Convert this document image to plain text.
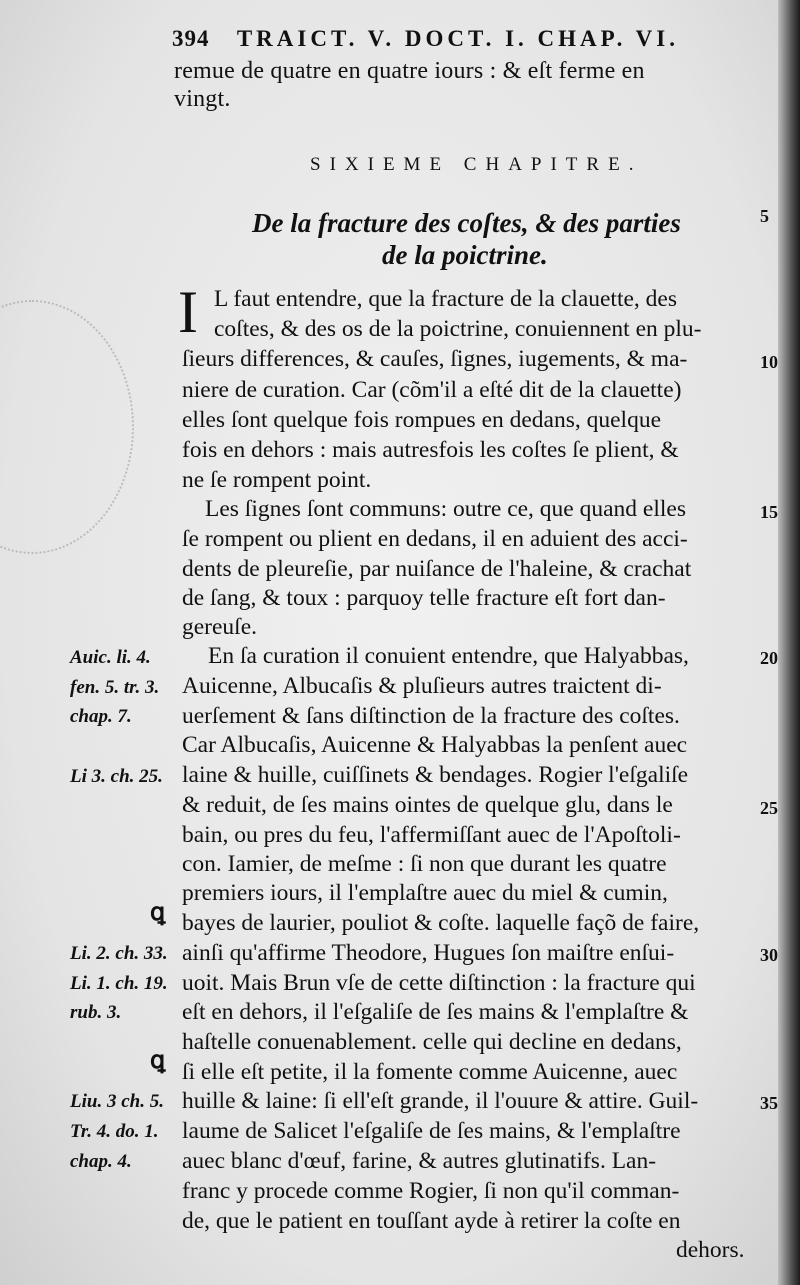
394 TRAICT. V. DOCT. I. CHAP. VI.
remue de quatre en quatre iours : & eſt ferme en
vingt.
SIXIEME CHAPITRE.
De la fracture des coſtes, & des parties
de la poictrine.
I L faut entendre, que la fracture de la clauette, des
coſtes, & des os de la poictrine, conuiennent en plu-
ſieurs differences, & cauſes, ſignes, iugements, & ma-
niere de curation. Car (cõm'il a eſté dit de la clauette)
elles ſont quelque fois rompues en dedans, quelque
fois en dehors : mais autresfois les coſtes ſe plient, &
ne ſe rompent point.
Les ſignes ſont communs: outre ce, que quand elles
ſe rompent ou plient en dedans, il en aduient des acci-
dents de pleureſie, par nuiſance de l'haleine, & crachat
de ſang, & toux : parquoy telle fracture eſt fort dan-
gereuſe.
En ſa curation il conuient entendre, que Halyabbas,
Auicenne, Albucaſis & pluſieurs autres traictent di-
uerſement & ſans diſtinction de la fracture des coſtes.
Car Albucaſis, Auicenne & Halyabbas la penſent auec
laine & huille, cuiſſinets & bendages. Rogier l'eſgaliſe
& reduit, de ſes mains ointes de quelque glu, dans le
bain, ou pres du feu, l'affermiſſant auec de l'Apoſtoli-
con. Iamier, de meſme : ſi non que durant les quatre
premiers iours, il l'emplaſtre auec du miel & cumin,
bayes de laurier, pouliot & coſte. laquelle façõ de faire,
ainſi qu'affirme Theodore, Hugues ſon maiſtre enſui-
uoit. Mais Brun vſe de cette diſtinction : la fracture qui
eſt en dehors, il l'eſgaliſe de ſes mains & l'emplaſtre &
haſtelle conuenablement. celle qui decline en dedans,
ſi elle eſt petite, il la fomente comme Auicenne, auec
huille & laine: ſi ell'eſt grande, il l'ouure & attire. Guil-
laume de Salicet l'eſgaliſe de ſes mains, & l'emplaſtre
auec blanc d'œuf, farine, & autres glutinatifs. Lan-
franc y procede comme Rogier, ſi non qu'il comman-
de, que le patient en touſſant ayde à retirer la coſte en
dehors.
ꝗ
ꝗ
Auic. li. 4.
fen. 5. tr. 3.
chap. 7.
Li 3. ch. 25.
Li. 2. ch. 33.
Li. 1. ch. 19.
rub. 3.
Liu. 3 ch. 5.
Tr. 4. do. 1.
chap. 4.
5
10
15
20
25
30
35
